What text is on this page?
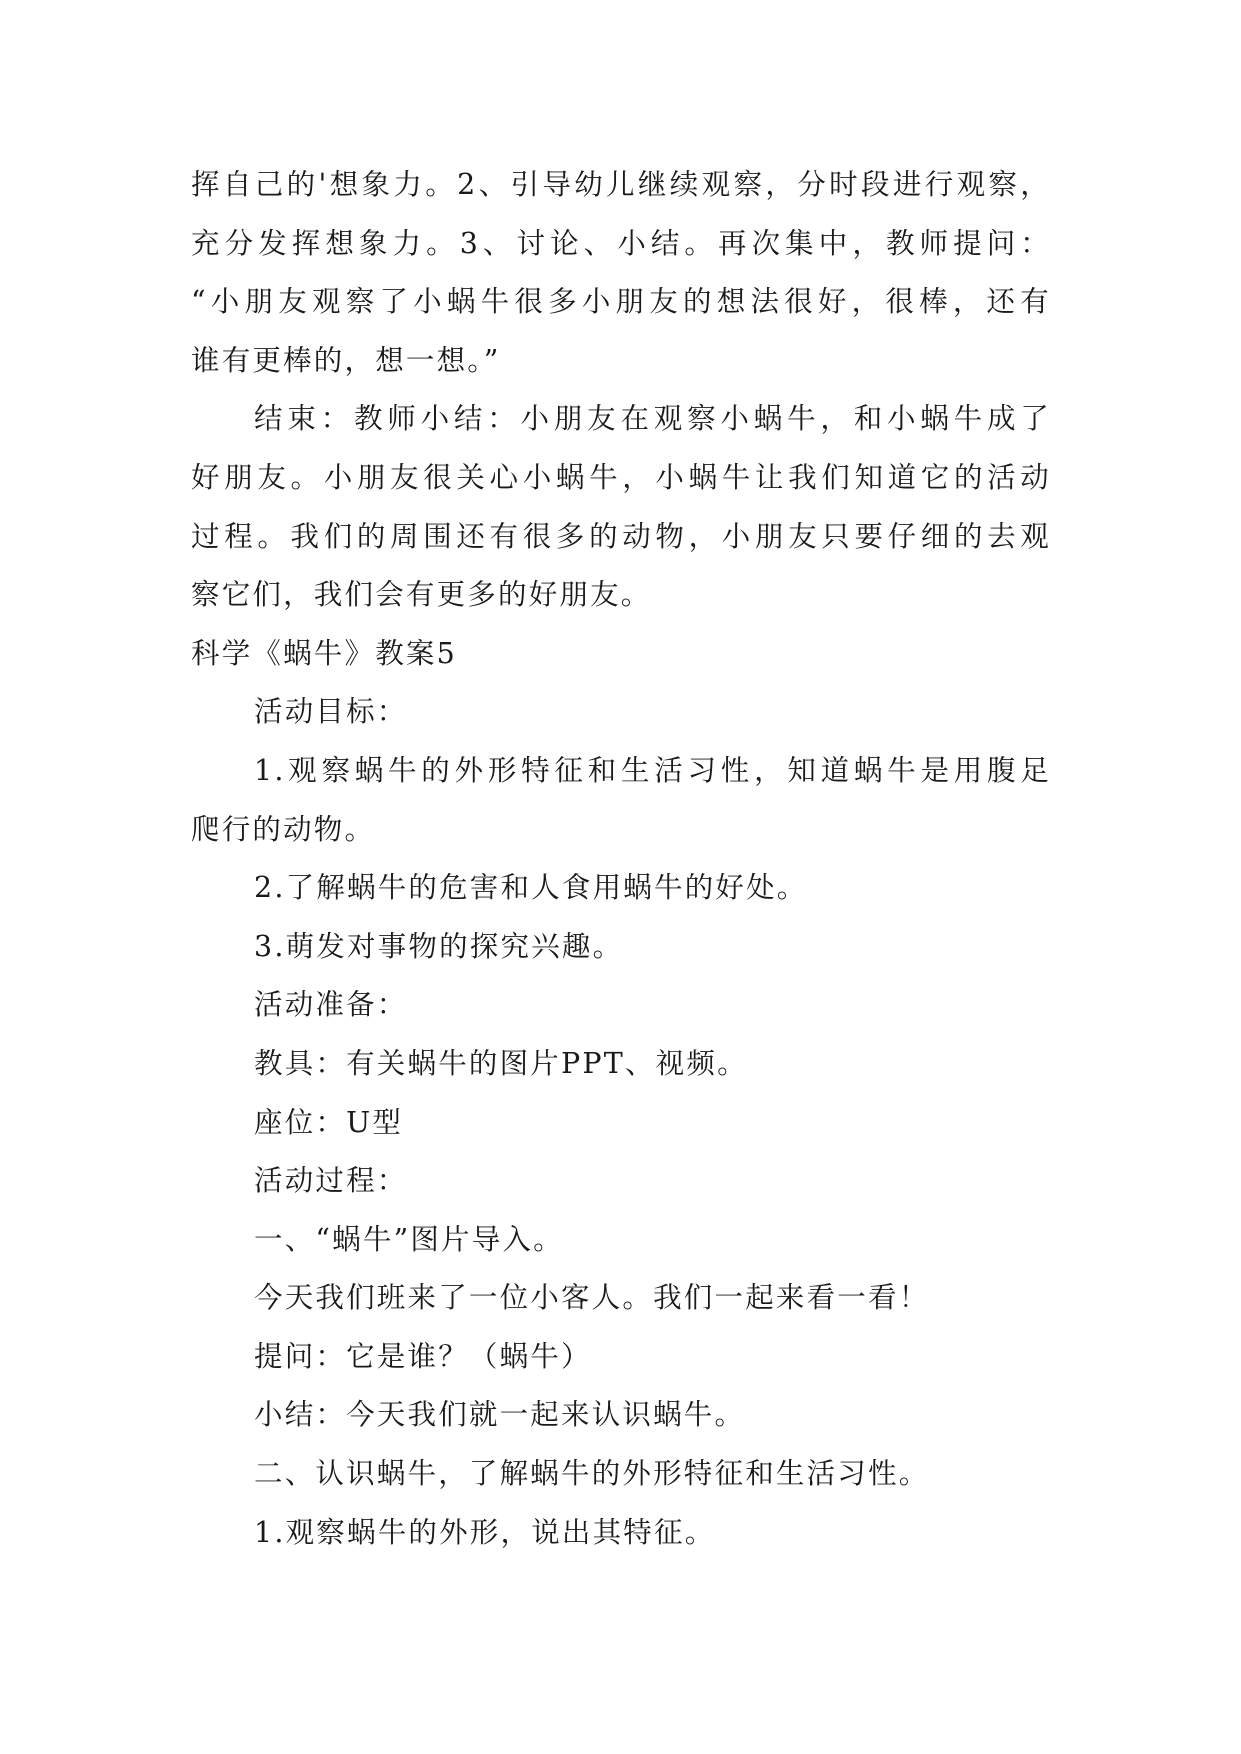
挥自己的'想象力。2、引导幼儿继续观察，分时段进行观察，
充分发挥想象力。3、讨论、小结。再次集中，教师提问：
“小朋友观察了小蜗牛很多小朋友的想法很好，很棒，还有
谁有更棒的，想一想。”
结束：教师小结：小朋友在观察小蜗牛，和小蜗牛成了
好朋友。小朋友很关心小蜗牛，小蜗牛让我们知道它的活动
过程。我们的周围还有很多的动物，小朋友只要仔细的去观
察它们，我们会有更多的好朋友。
科学《蜗牛》教案5
活动目标：
1.观察蜗牛的外形特征和生活习性，知道蜗牛是用腹足
爬行的动物。
2.了解蜗牛的危害和人食用蜗牛的好处。
3.萌发对事物的探究兴趣。
活动准备：
教具：有关蜗牛的图片PPT、视频。
座位：U型
活动过程：
一、“蜗牛”图片导入。
今天我们班来了一位小客人。我们一起来看一看！
提问：它是谁？（蜗牛）
小结：今天我们就一起来认识蜗牛。
二、认识蜗牛，了解蜗牛的外形特征和生活习性。
1.观察蜗牛的外形，说出其特征。
